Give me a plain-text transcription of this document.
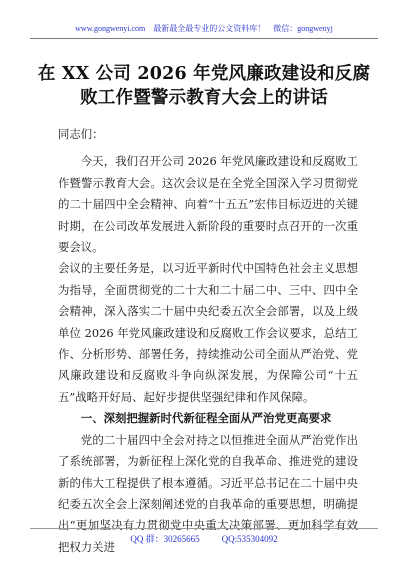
www.gongwenyi.com 最新最全最专业的公文资料库！ 微信：gongwenyj
在 XX 公司 2026 年党风廉政建设和反腐
败工作暨警示教育大会上的讲话

同志们：

今天，我们召开公司 2026 年党风廉政建设和反腐败工作暨警示教育大会。这次会议是在全党全国深入学习贯彻党的二十届四中全会精神、向着“十五五”宏伟目标迈进的关键时期，在公司改革发展进入新阶段的重要时点召开的一次重要会议。

会议的主要任务是，以习近平新时代中国特色社会主义思想为指导，全面贯彻党的二十大和二十届二中、三中、四中全会精神，深入落实二十届中央纪委五次全会部署，以及上级单位 2026 年党风廉政建设和反腐败工作会议要求，总结工作、分析形势、部署任务，持续推动公司全面从严治党、党风廉政建设和反腐败斗争向纵深发展，为保障公司“十五五”战略开好局、起好步提供坚强纪律和作风保障。

一、深刻把握新时代新征程全面从严治党更高要求

党的二十届四中全会对持之以恒推进全面从严治党作出了系统部署，为新征程上深化党的自我革命、推进党的建设新的伟大工程提供了根本遵循。习近平总书记在二十届中央纪委五次全会上深刻阐述党的自我革命的重要思想，明确提出“更加坚决有力贯彻党中央重大决策部署、更加科学有效把权力关进

QQ 群：30265665 QQ:535304092
